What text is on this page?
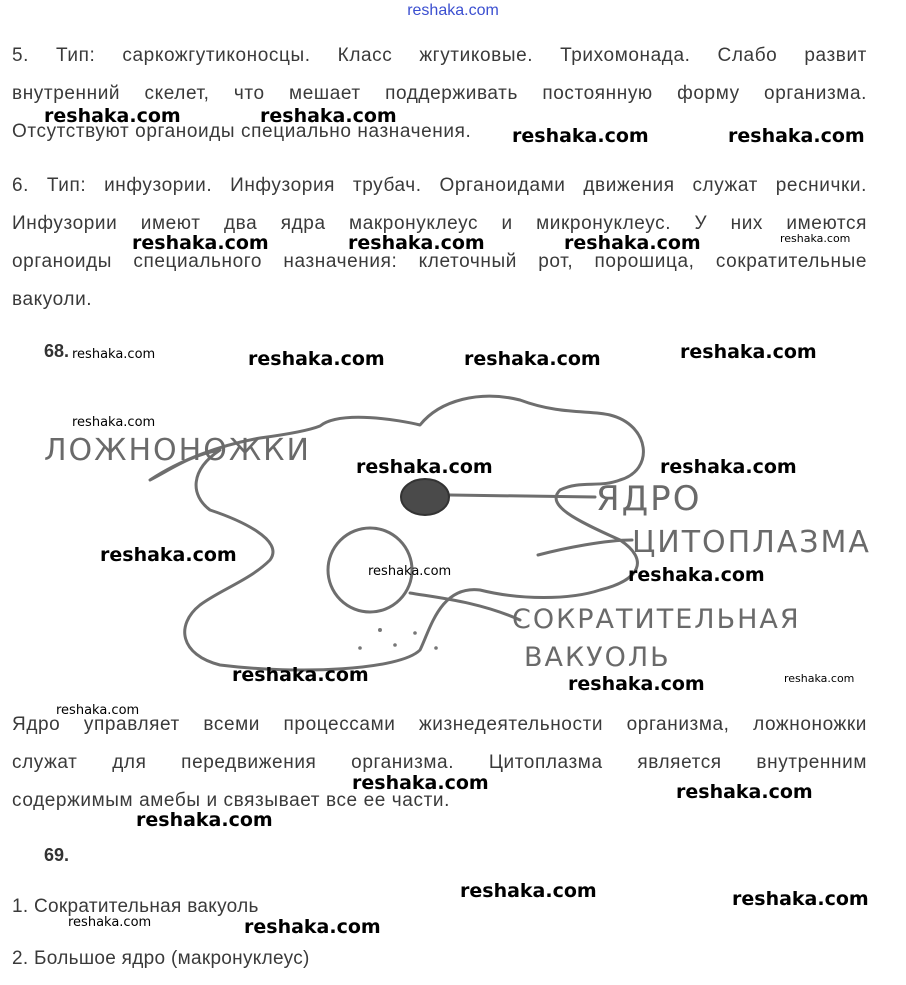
reshaka.com
5. Тип: саркожгутиконосцы. Класс жгутиковые. Трихомонада. Слабо развит
внутренний скелет, что мешает поддерживать постоянную форму организма.
Отсутствуют органоиды специально назначения.
6. Тип: инфузории. Инфузория трубач. Органоидами движения служат реснички.
Инфузории имеют два ядра макронуклеус и микронуклеус. У них имеются
органоиды специального назначения: клеточный рот, порошица, сократительные
вакуоли.
68.
ЛОЖНОНОЖКИ
ЯДРО
ЦИТОПЛАЗМА
СОКРАТИТЕЛЬНАЯ
ВАКУОЛЬ
Ядро управляет всеми процессами жизнедеятельности организма, ложноножки
служат для передвижения организма. Цитоплазма является внутренним
содержимым амебы и связывает все ее части.
69.
1. Сократительная вакуоль
2. Большое ядро (макронуклеус)
reshaka.com	reshaka.com
reshaka.com	reshaka.com
reshaka.com	reshaka.com	reshaka.com	reshaka.com
reshaka.com	reshaka.com	reshaka.com	reshaka.com
reshaka.com
reshaka.com	reshaka.com
reshaka.com
reshaka.com	reshaka.com
reshaka.com	reshaka.com	reshaka.com
reshaka.com
reshaka.com	reshaka.com
reshaka.com
reshaka.com	reshaka.com
reshaka.com	reshaka.com
